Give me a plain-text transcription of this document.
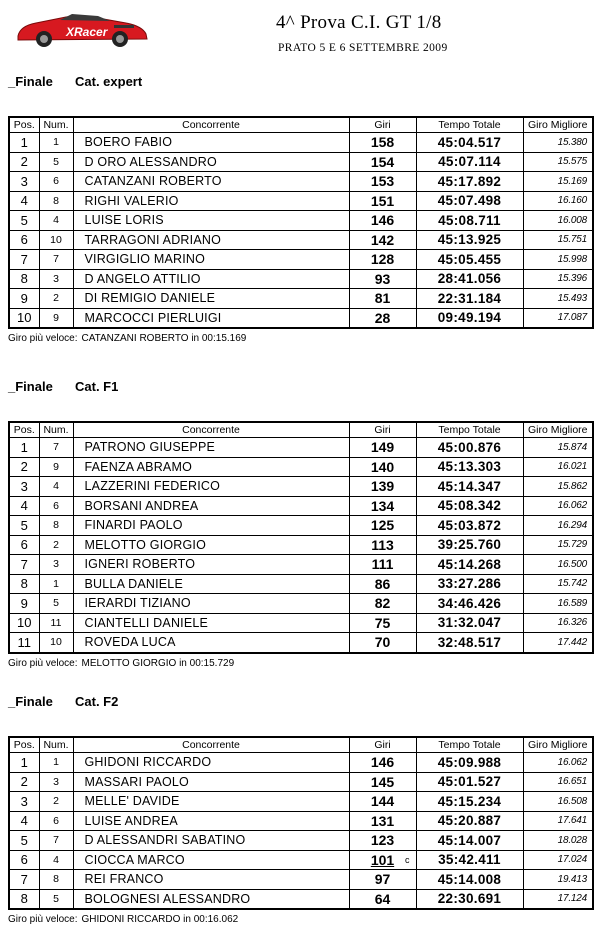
XRacer	4^ Prova C.I. GT 1/8
PRATO 5 E 6 SETTEMBRE 2009
_Finale Cat. expert
Pos.	Num.	Concorrente	Giri	Tempo Totale	Giro Migliore
1	1	BOERO FABIO	158	45:04.517	15.380
2	5	D ORO ALESSANDRO	154	45:07.114	15.575
3	6	CATANZANI ROBERTO	153	45:17.892	15.169
4	8	RIGHI VALERIO	151	45:07.498	16.160
5	4	LUISE LORIS	146	45:08.711	16.008
6	10	TARRAGONI ADRIANO	142	45:13.925	15.751
7	7	VIRGIGLIO MARINO	128	45:05.455	15.998
8	3	D ANGELO ATTILIO	93	28:41.056	15.396
9	2	DI REMIGIO DANIELE	81	22:31.184	15.493
10	9	MARCOCCI PIERLUIGI	28	09:49.194	17.087
Giro più veloce: CATANZANI ROBERTO in 00:15.169
_Finale Cat. F1
Pos.	Num.	Concorrente	Giri	Tempo Totale	Giro Migliore
1	7	PATRONO GIUSEPPE	149	45:00.876	15.874
2	9	FAENZA ABRAMO	140	45:13.303	16.021
3	4	LAZZERINI FEDERICO	139	45:14.347	15.862
4	6	BORSANI ANDREA	134	45:08.342	16.062
5	8	FINARDI PAOLO	125	45:03.872	16.294
6	2	MELOTTO GIORGIO	113	39:25.760	15.729
7	3	IGNERI ROBERTO	111	45:14.268	16.500
8	1	BULLA DANIELE	86	33:27.286	15.742
9	5	IERARDI TIZIANO	82	34:46.426	16.589
10	11	CIANTELLI DANIELE	75	31:32.047	16.326
11	10	ROVEDA LUCA	70	32:48.517	17.442
Giro più veloce: MELOTTO GIORGIO in 00:15.729
_Finale Cat. F2
Pos.	Num.	Concorrente	Giri	Tempo Totale	Giro Migliore
1	1	GHIDONI RICCARDO	146	45:09.988	16.062
2	3	MASSARI PAOLO	145	45:01.527	16.651
3	2	MELLE' DAVIDE	144	45:15.234	16.508
4	6	LUISE ANDREA	131	45:20.887	17.641
5	7	D ALESSANDRI SABATINO	123	45:14.007	18.028
6	4	CIOCCA MARCO	101 c	35:42.411	17.024
7	8	REI FRANCO	97	45:14.008	19.413
8	5	BOLOGNESI ALESSANDRO	64	22:30.691	17.124
Giro più veloce: GHIDONI RICCARDO in 00:16.062
